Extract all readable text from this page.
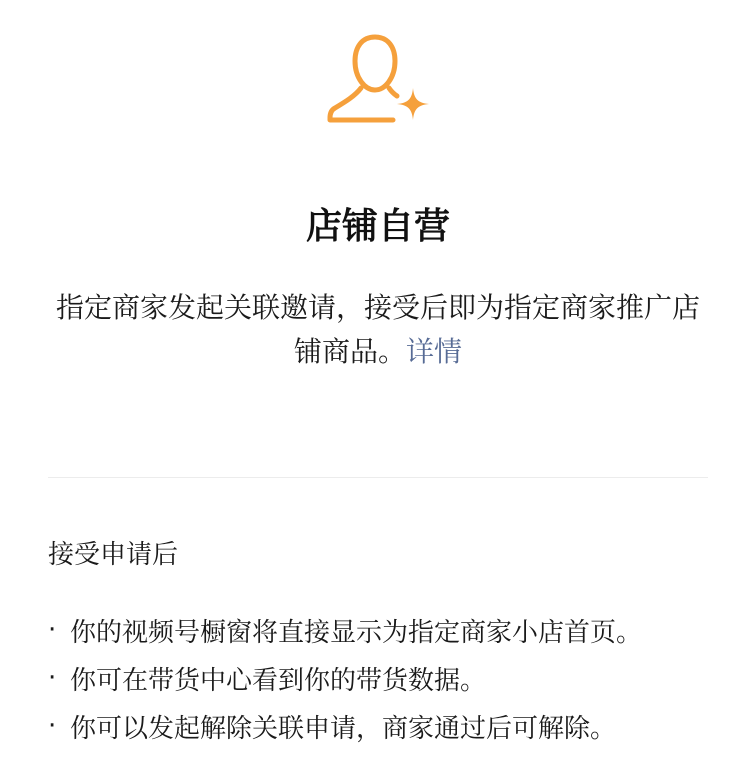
店铺自营
指定商家发起关联邀请，接受后即为指定商家推广店铺商品。详情
接受申请后
· 你的视频号橱窗将直接显示为指定商家小店首页。
· 你可在带货中心看到你的带货数据。
· 你可以发起解除关联申请，商家通过后可解除。
